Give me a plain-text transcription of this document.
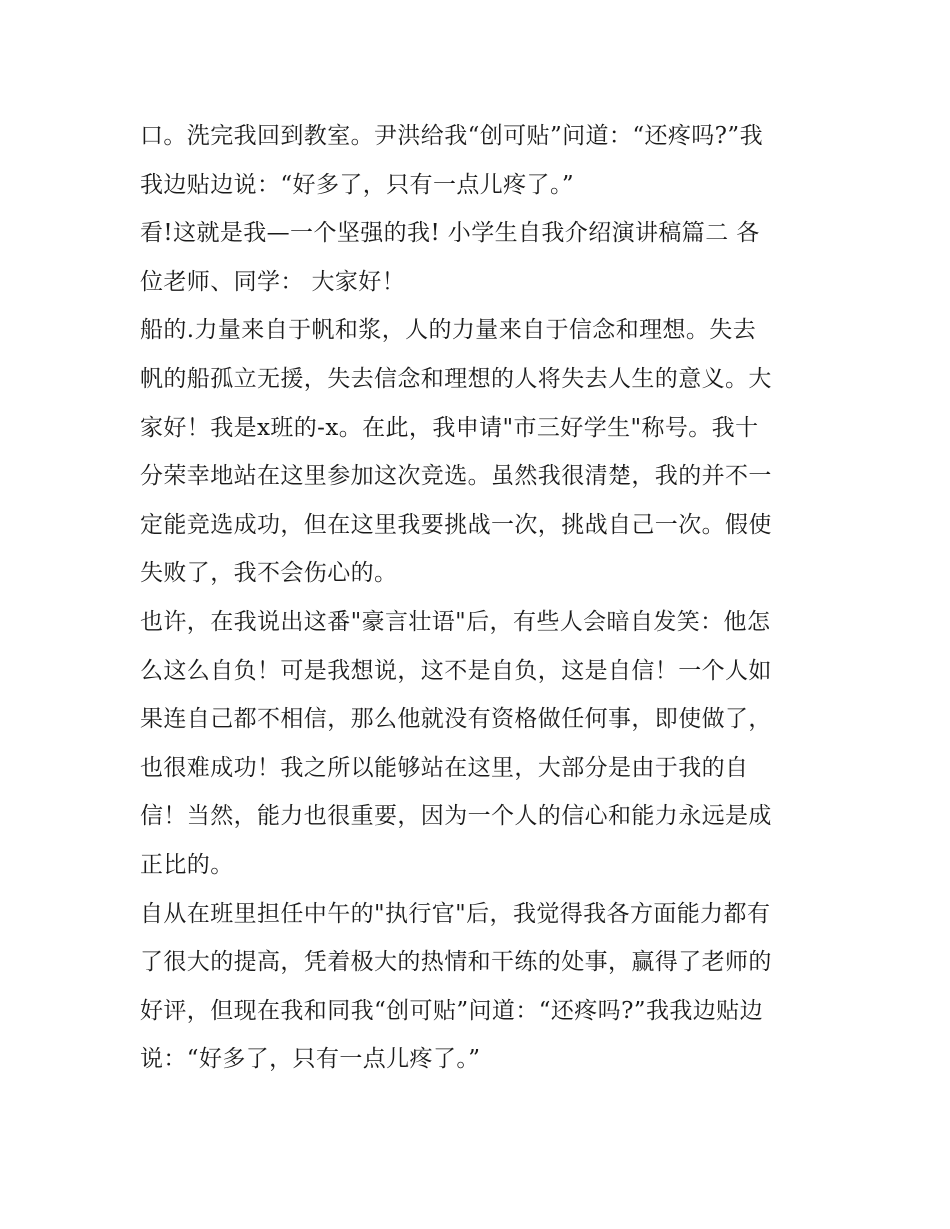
口。洗完我回到教室。尹洪给我“创可贴”问道：“还疼吗?”我
我边贴边说：“好多了，只有一点儿疼了。”
看!这就是我—一个坚强的我! 小学生自我介绍演讲稿篇二 各
位老师、同学： 大家好！
船的.力量来自于帆和浆，人的力量来自于信念和理想。失去
帆的船孤立无援，失去信念和理想的人将失去人生的意义。大
家好！我是x班的-x。在此，我申请"市三好学生"称号。我十
分荣幸地站在这里参加这次竞选。虽然我很清楚，我的并不一
定能竞选成功，但在这里我要挑战一次，挑战自己一次。假使
失败了，我不会伤心的。
也许，在我说出这番"豪言壮语"后，有些人会暗自发笑：他怎
么这么自负！可是我想说，这不是自负，这是自信！一个人如
果连自己都不相信，那么他就没有资格做任何事，即使做了，
也很难成功！我之所以能够站在这里，大部分是由于我的自
信！当然，能力也很重要，因为一个人的信心和能力永远是成
正比的。
自从在班里担任中午的"执行官"后，我觉得我各方面能力都有
了很大的提高，凭着极大的热情和干练的处事，赢得了老师的
好评，但现在我和同我“创可贴”问道：“还疼吗?”我我边贴边
说：“好多了，只有一点儿疼了。”
